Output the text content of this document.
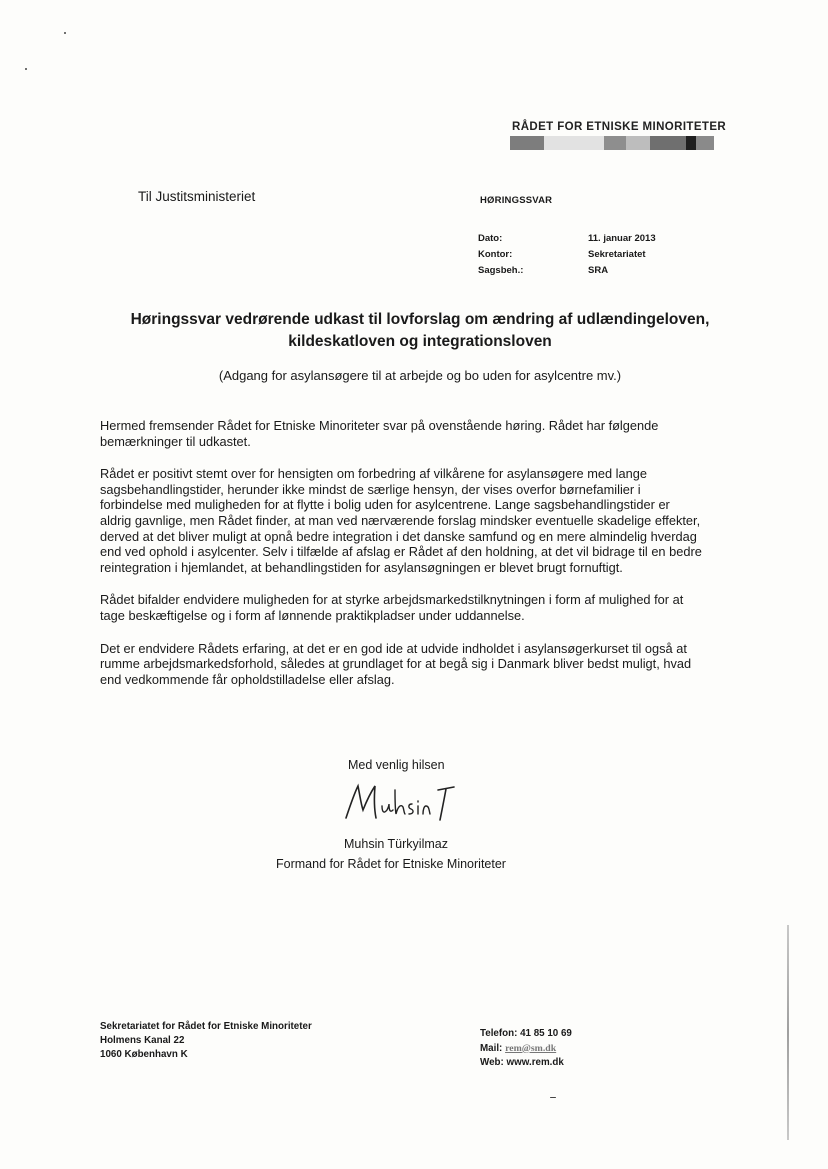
RÅDET FOR ETNISKE MINORITETER
Til Justitsministeriet	HØRINGSSVAR
Dato:	11. januar 2013
Kontor:	Sekretariatet
Sagsbeh.:	SRA
Høringssvar vedrørende udkast til lovforslag om ændring af udlændingeloven,
kildeskatloven og integrationsloven
(Adgang for asylansøgere til at arbejde og bo uden for asylcentre mv.)

Hermed fremsender Rådet for Etniske Minoriteter svar på ovenstående høring. Rådet har følgende bemærkninger til udkastet.

Rådet er positivt stemt over for hensigten om forbedring af vilkårene for asylansøgere med lange sagsbehandlingstider, herunder ikke mindst de særlige hensyn, der vises overfor børnefamilier i forbindelse med muligheden for at flytte i bolig uden for asylcentrene. Lange sagsbehandlingstider er aldrig gavnlige, men Rådet finder, at man ved nærværende forslag mindsker eventuelle skadelige effekter, derved at det bliver muligt at opnå bedre integration i det danske samfund og en mere almindelig hverdag end ved ophold i asylcenter. Selv i tilfælde af afslag er Rådet af den holdning, at det vil bidrage til en bedre reintegration i hjemlandet, at behandlingstiden for asylansøgningen er blevet brugt fornuftigt.

Rådet bifalder endvidere muligheden for at styrke arbejdsmarkedstilknytningen i form af mulighed for at tage beskæftigelse og i form af lønnende praktikpladser under uddannelse.

Det er endvidere Rådets erfaring, at det er en god ide at udvide indholdet i asylansøgerkurset til også at rumme arbejdsmarkedsforhold, således at grundlaget for at begå sig i Danmark bliver bedst muligt, hvad end vedkommende får opholdstilladelse eller afslag.

Med venlig hilsen
Muhsin Türkyilmaz
Formand for Rådet for Etniske Minoriteter
Sekretariatet for Rådet for Etniske Minoriteter
Holmens Kanal 22
1060 København K
Telefon: 41 85 10 69
Mail: rem@sm.dk
Web: www.rem.dk
